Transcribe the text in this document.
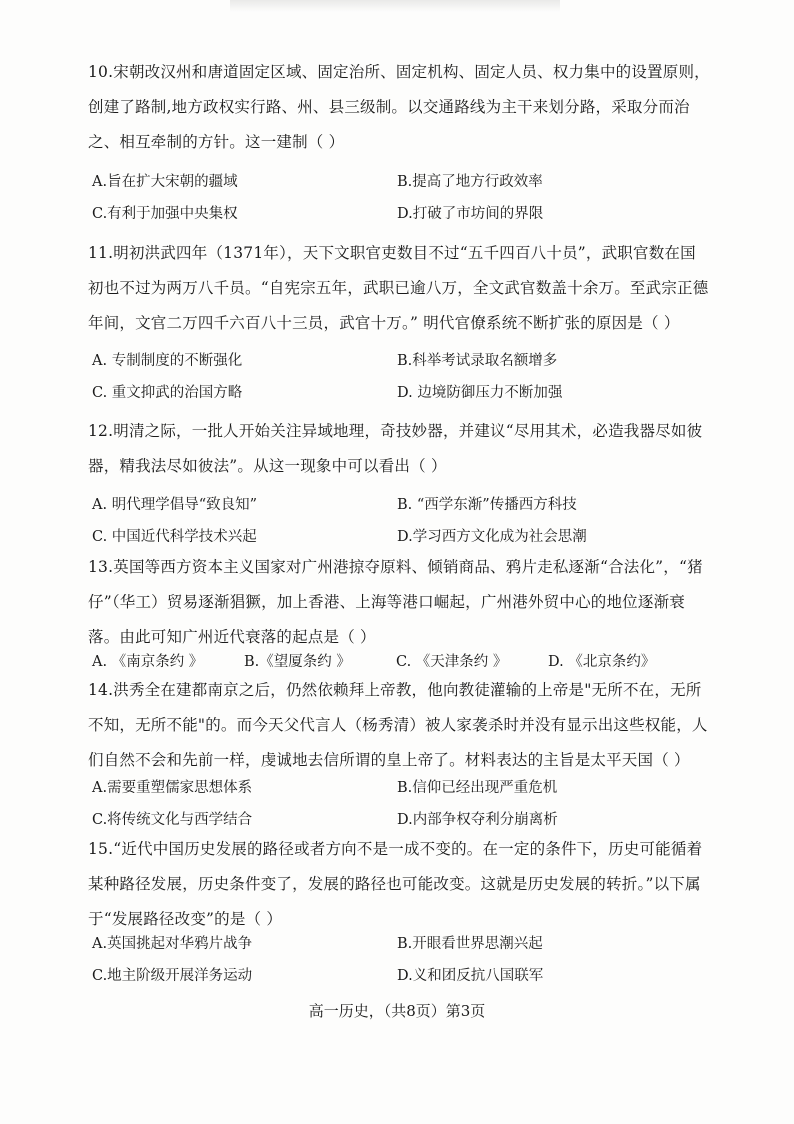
10.宋朝改汉州和唐道固定区域、固定治所、固定机构、固定人员、权力集中的设置原则，创建了路制,地方政权实行路、州、县三级制。以交通路线为主干来划分路，采取分而治之、相互牵制的方针。这一建制（ ）
A.旨在扩大宋朝的疆域	B.提高了地方行政效率
C.有利于加强中央集权	D.打破了市坊间的界限
11.明初洪武四年（1371年），天下文职官吏数目不过“五千四百八十员”，武职官数在国初也不过为两万八千员。“自宪宗五年，武职已逾八万，全文武官数盖十余万。至武宗正德年间，文官二万四千六百八十三员，武官十万。” 明代官僚系统不断扩张的原因是（ ）
A. 专制制度的不断强化	B.科举考试录取名额增多
C. 重文抑武的治国方略	D. 边境防御压力不断加强
12.明清之际，一批人开始关注异域地理，奇技妙器，并建议“尽用其术，必造我器尽如彼器，精我法尽如彼法”。从这一现象中可以看出（ ）
A. 明代理学倡导“致良知”	B. “西学东渐”传播西方科技
C. 中国近代科学技术兴起	D.学习西方文化成为社会思潮
13.英国等西方资本主义国家对广州港掠夺原料、倾销商品、鸦片走私逐渐“合法化”，“猪仔”（华工）贸易逐渐猖獗，加上香港、上海等港口崛起，广州港外贸中心的地位逐渐衰落。由此可知广州近代衰落的起点是（ ）
A. 《南京条约 》	B.《望厦条约 》	C. 《天津条约 》	D. 《北京条约》
14.洪秀全在建都南京之后，仍然依赖拜上帝教，他向教徒灌输的上帝是"无所不在，无所不知，无所不能"的。而今天父代言人（杨秀清）被人家袭杀时并没有显示出这些权能，人们自然不会和先前一样，虔诚地去信所谓的皇上帝了。材料表达的主旨是太平天国（ ）
A.需要重塑儒家思想体系	B.信仰已经出现严重危机
C.将传统文化与西学结合	D.内部争权夺利分崩离析
15.“近代中国历史发展的路径或者方向不是一成不变的。在一定的条件下，历史可能循着某种路径发展，历史条件变了，发展的路径也可能改变。这就是历史发展的转折。”以下属于“发展路径改变”的是（ ）
A.英国挑起对华鸦片战争	B.开眼看世界思潮兴起
C.地主阶级开展洋务运动	D.义和团反抗八国联军
高一历史，（共8页）第3页
